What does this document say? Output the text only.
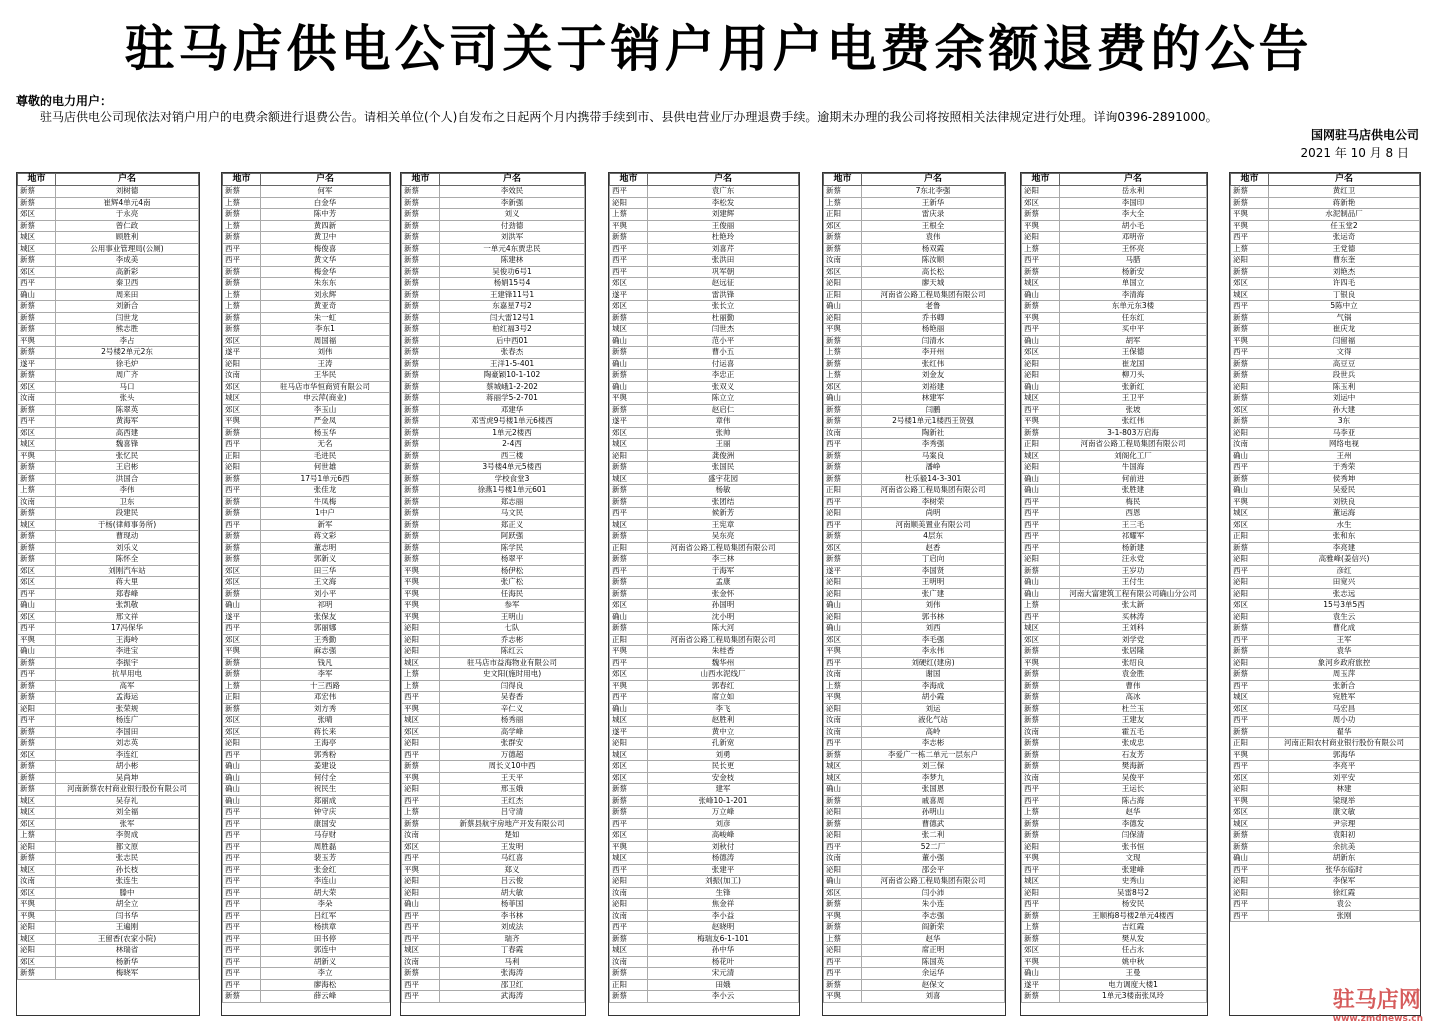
驻马店供电公司关于销户用户电费余额退费的公告
尊敬的电力用户：
驻马店供电公司现依法对销户用户的电费余额进行退费公告。请相关单位(个人)自发布之日起两个月内携带手续到市、县供电营业厅办理退费手续。逾期未办理的我公司将按照相关法律规定进行处理。详询0396-2891000。
国网驻马店供电公司
2021 年 10 月 8 日
地市	户名
新蔡	刘树德
新蔡	崔辉4单元4南
郊区	于永亮
新蔡	曾仁政
城区	顾胜利
城区	公用事业管理局(公厕)
新蔡	李成美
郊区	高新彩
西平	秦卫西
确山	周来田
新蔡	刘新合
新蔡	闫世龙
新蔡	熊志胜
平舆	李占
新蔡	2号楼2单元2东
遂平	徐毛炉
新蔡	周广齐
郊区	马口
汝南	张头
新蔡	陈翠英
西平	黄海军
郊区	高西建
城区	魏喜锋
平舆	张忆民
新蔡	王启彬
新蔡	洪国合
上蔡	李伟
汝南	卫东
新蔡	段建民
城区	于杨(律师事务所)
新蔡	曹现动
新蔡	刘乐义
新蔡	陈怀全
郊区	刘刚汽车站
郊区	蒋大里
西平	郑春峰
确山	张凯敬
郊区	邢文祥
西平	17冯保华
平舆	王海岭
确山	李进宝
新蔡	李振宇
西平	抗旱用电
新蔡	高军
新蔡	孟海运
泌阳	张荣规
西平	杨连广
新蔡	李国田
新蔡	刘志英
郊区	李连红
新蔡	胡小彬
新蔡	吴尚坤
新蔡	河南新蔡农村商业银行股份有限公司
城区	吴存礼
城区	刘全福
郊区	张军
上蔡	李贺成
泌阳	都文原
新蔡	张志民
城区	孙长枝
汝南	张连生
郊区	滕中
平舆	胡全立
平舆	闫书华
泌阳	王遍刚
城区	王留香(农家小院)
泌阳	林瑞省
郊区	杨新华
新蔡	梅晓军
地市	户名
新蔡	何军
上蔡	白金华
新蔡	陈中芳
上蔡	黄四新
新蔡	黄卫中
西平	梅俊喜
西平	黄文华
新蔡	梅金华
新蔡	朱东东
上蔡	刘永辉
上蔡	黄亚奇
新蔡	朱一虹
新蔡	李东1
郊区	周国福
遂平	刘伟
泌阳	王涛
汝南	王华民
郊区	驻马店市华恒商贸有限公司
城区	申云萍(商业)
郊区	李玉山
平舆	严金凤
新蔡	杨玉华
西平	无名
正阳	毛进民
泌阳	何世雄
新蔡	17号1单元6西
西平	张佳龙
新蔡	牛凤梅
新蔡	1中户
西平	新军
新蔡	蒋文彩
新蔡	董志明
新蔡	郭新义
郊区	田三华
郊区	王文海
新蔡	刘小平
确山	祁明
遂平	张保友
西平	郭丽娜
郊区	王秀勤
平舆	麻志强
新蔡	钱凡
新蔡	李军
上蔡	十三西路
正阳	邓宏伟
新蔡	刘方秀
郊区	张晴
郊区	蒋长来
泌阳	王海亭
西平	郭秀粉
确山	姜建设
确山	何付全
确山	祝民生
确山	郑丽成
西平	钟守庆
西平	康国安
西平	马存财
西平	周胜磊
西平	裴玉芳
西平	张金红
西平	李连山
西平	胡大荣
西平	李朵
西平	吕红军
西平	杨拱章
西平	田书停
西平	郭连中
西平	胡新义
西平	李立
西平	廖海松
新蔡	薛云峰
地市	户名
新蔡	李效民
新蔡	李新强
新蔡	刘义
新蔡	付劲德
新蔡	刘洪军
新蔡	一单元4东贾忠民
新蔡	陈建林
新蔡	吴俊功6号1
新蔡	杨娟15号4
新蔡	王建锋11号1
新蔡	东嘉星7号2
新蔡	闫大雷12号1
新蔡	柏红福3号2
新蔡	后中西01
新蔡	张春杰
新蔡	王洋1-5-401
新蔡	陶豪颖10-1-102
新蔡	蔡城峨1-2-202
新蔡	蒋丽学5-2-701
新蔡	邓建华
新蔡	邓雪虎9号楼1单元6楼西
新蔡	1单元2楼西
新蔡	2-4西
新蔡	西三楼
新蔡	3号楼4单元5楼西
新蔡	学校食堂3
新蔡	徐燕1号楼1单元601
新蔡	郑志丽
新蔡	马文民
新蔡	郑正义
新蔡	阿跃强
新蔡	陈学民
新蔡	杨翠平
平舆	杨伊松
平舆	张广松
平舆	任海民
平舆	参军
平舆	王明山
泌阳	七队
泌阳	乔志彬
泌阳	陈红云
城区	驻马店市益海物业有限公司
上蔡	史文阳(施时用电)
上蔡	闫得良
西平	吴春香
平舆	辛仁义
城区	杨秀丽
郊区	高学峰
泌阳	张群安
西平	万德超
新蔡	周长义10中西
平舆	王天平
泌阳	邢玉娥
西平	王红杰
上蔡	吕守清
新蔡	新蔡县航宇房地产开发有限公司
汝南	楚如
郊区	王发明
西平	马红喜
平舆	郑义
泌阳	吕云俊
泌阳	胡大敏
确山	杨菲国
西平	李书林
西平	刘成法
西平	瑞齐
城区	丁春霞
汝南	马利
新蔡	张海涛
西平	邵卫红
西平	武海涛
地市	户名
西平	袁广东
泌阳	李松发
上蔡	刘建辉
平舆	王俊丽
新蔡	杜艳玲
西平	刘喜芹
西平	张洪田
西平	巩军朝
郊区	赵远征
遂平	雷洪锋
郊区	张长立
新蔡	杜丽勤
城区	闫世杰
确山	范小平
新蔡	曹小五
确山	付运喜
新蔡	李忠正
确山	张双义
平舆	陈立立
新蔡	赵启仁
遂平	章伟
郊区	张帅
城区	王丽
泌阳	龚俊洲
新蔡	张国民
城区	盛宇花园
新蔡	杨敏
新蔡	张团结
西平	候新芳
城区	王宪章
新蔡	吴东亮
正阳	河南省公路工程局集团有限公司
新蔡	李三林
西平	于海军
新蔡	孟康
新蔡	张金怀
郊区	孙国明
确山	沈小明
新蔡	陈大河
正阳	河南省公路工程局集团有限公司
平舆	朱桂香
西平	魏华州
郊区	山西水泥线厂
平舆	郭春红
西平	席立如
确山	李飞
城区	赵胜利
遂平	黄中立
泌阳	孔新宽
城区	刘勇
郊区	民长更
郊区	安金枝
新蔡	建军
新蔡	张峰10-1-201
新蔡	万立峰
西平	刘彦
郊区	高峻峰
平舆	刘秋付
城区	杨德涛
西平	张建平
泌阳	刘振(加工)
汝南	生锋
泌阳	焦金祥
汝南	李小益
西平	赵晓明
新蔡	梅瑞友6-1-101
城区	孙中华
汝南	杨花叶
新蔡	宋元清
正阳	田娥
新蔡	李小云
地市	户名
新蔡	7东北李强
上蔡	王新华
正阳	雷庆录
郊区	王根全
新蔡	袁伟
新蔡	杨双霞
汝南	陈汝顺
郊区	高长松
泌阳	廖天城
正阳	河南省公路工程局集团有限公司
确山	老鲁
泌阳	乔书卿
平舆	杨艳丽
新蔡	闫清水
上蔡	李开州
新蔡	张红伟
上蔡	刘金友
郊区	刘裕建
确山	林建军
新蔡	闫鹏
新蔡	2号楼1单元1楼西王贺强
汝南	陶新社
西平	李秀强
新蔡	马案良
新蔡	潘峥
新蔡	杜乐毅14-3-301
正阳	河南省公路工程局集团有限公司
西平	李树荣
泌阳	尚明
西平	河南顺美置业有限公司
新蔡	4层东
郊区	赵香
新蔡	丁启向
遂平	李国贤
泌阳	王明明
泌阳	张广建
确山	刘伟
泌阳	郭书林
确山	刘西
郊区	李毛强
平舆	李永伟
西平	刘硬红(建房)
汝南	谢国
上蔡	李海成
平舆	胡小霞
泌阳	刘运
汝南	液化气站
汝南	高岭
西平	李志彬
新蔡	李爱广一栋二单元一层东户
城区	刘三保
城区	李梦九
确山	张国恩
新蔡	戚喜周
泌阳	孙明山
新蔡	曹德武
泌阳	张二利
西平	52二厂
汝南	董小强
泌阳	邵会平
确山	河南省公路工程局集团有限公司
郊区	闫小沛
新蔡	朱小连
平舆	李志强
新蔡	阎新荣
上蔡	赵华
泌阳	席正明
西平	陈国英
西平	余运华
新蔡	赵保文
平舆	刘喜
地市	户名
泌阳	岳永利
郊区	李国印
新蔡	李大全
平舆	胡小毛
泌阳	邓明帝
上蔡	王怀亮
西平	马腊
新蔡	杨新安
城区	单国立
确山	李清海
新蔡	东单元东3楼
平舆	任东红
西平	买中平
确山	胡军
郊区	王保德
泌阳	崔龙国
泌阳	柳刀头
确山	张新红
城区	王卫平
西平	张坡
平舆	张红伟
新蔡	3-1-803万启海
正阳	河南省公路工程局集团有限公司
城区	刘阁化工厂
泌阳	牛国海
确山	何前进
确山	张胜建
西平	梅民
西平	西恩
西平	王三毛
西平	祁耀军
西平	杨新建
泌阳	汪永党
新蔡	王岁功
确山	王付生
确山	河南大富建筑工程有限公司确山分公司
上蔡	张太新
西平	买林涛
城区	王刘科
郊区	刘学党
新蔡	张居隆
平舆	张绍良
新蔡	袁金胜
新蔡	曹伟
新蔡	高冰
新蔡	杜兰玉
新蔡	王建友
汝南	霍五毛
新蔡	张成忠
新蔡	石友芳
新蔡	樊海新
汝南	吴俊平
西平	王运长
西平	陈占海
上蔡	赵华
新蔡	李德发
新蔡	闫保清
泌阳	张书恒
平舆	文现
西平	张建峰
城区	史秀山
泌阳	吴雷8号2
西平	杨安民
新蔡	王顺梅8号楼2单元4楼西
上蔡	吉红霞
新蔡	樊从发
郊区	任占永
平舆	姚中秋
确山	王曼
遂平	电力调度大楼1
新蔡	1单元3楼南张凤玲
地市	户名
新蔡	黄红卫
新蔡	蒋新艳
平舆	水泥制品厂
平舆	任玉堂2
西平	张运奇
上蔡	王党德
泌阳	曹东奎
新蔡	刘艳杰
郊区	许四毛
城区	丁银良
西平	5陈中立
新蔡	气锅
新蔡	崔庆龙
平舆	闫留福
西平	文得
新蔡	高豆豆
新蔡	段世兵
泌阳	陈玉利
新蔡	刘运中
郊区	孙大建
新蔡	3东
泌阳	马李亚
汝南	网络电视
确山	王州
西平	于秀荣
新蔡	侯秀坤
确山	吴爱民
平舆	刘铁良
城区	董运海
郊区	水生
正阳	张和东
新蔡	李亮建
泌阳	高雅峰(姜信兴)
西平	彦红
泌阳	田宽兴
泌阳	张志远
郊区	15号3单5西
泌阳	袁生云
新蔡	曹化成
西平	王军
新蔡	袁华
泌阳	象河乡政府旅控
新蔡	周玉萍
西平	张新合
城区	宛胜军
郊区	马宏昌
西平	周小功
新蔡	翟华
正阳	河南正阳农村商业银行股份有限公司
平舆	郭海华
西平	李亮平
郊区	刘平安
泌阳	林建
平舆	梁现举
郊区	康文敏
城区	尹宗理
新蔡	袁阳初
新蔡	余抗美
确山	胡新东
西平	张华东临时
泌阳	李保军
泌阳	徐红霞
西平	袁公
西平	张刚
驻马店网
www.zmdnews.cn
